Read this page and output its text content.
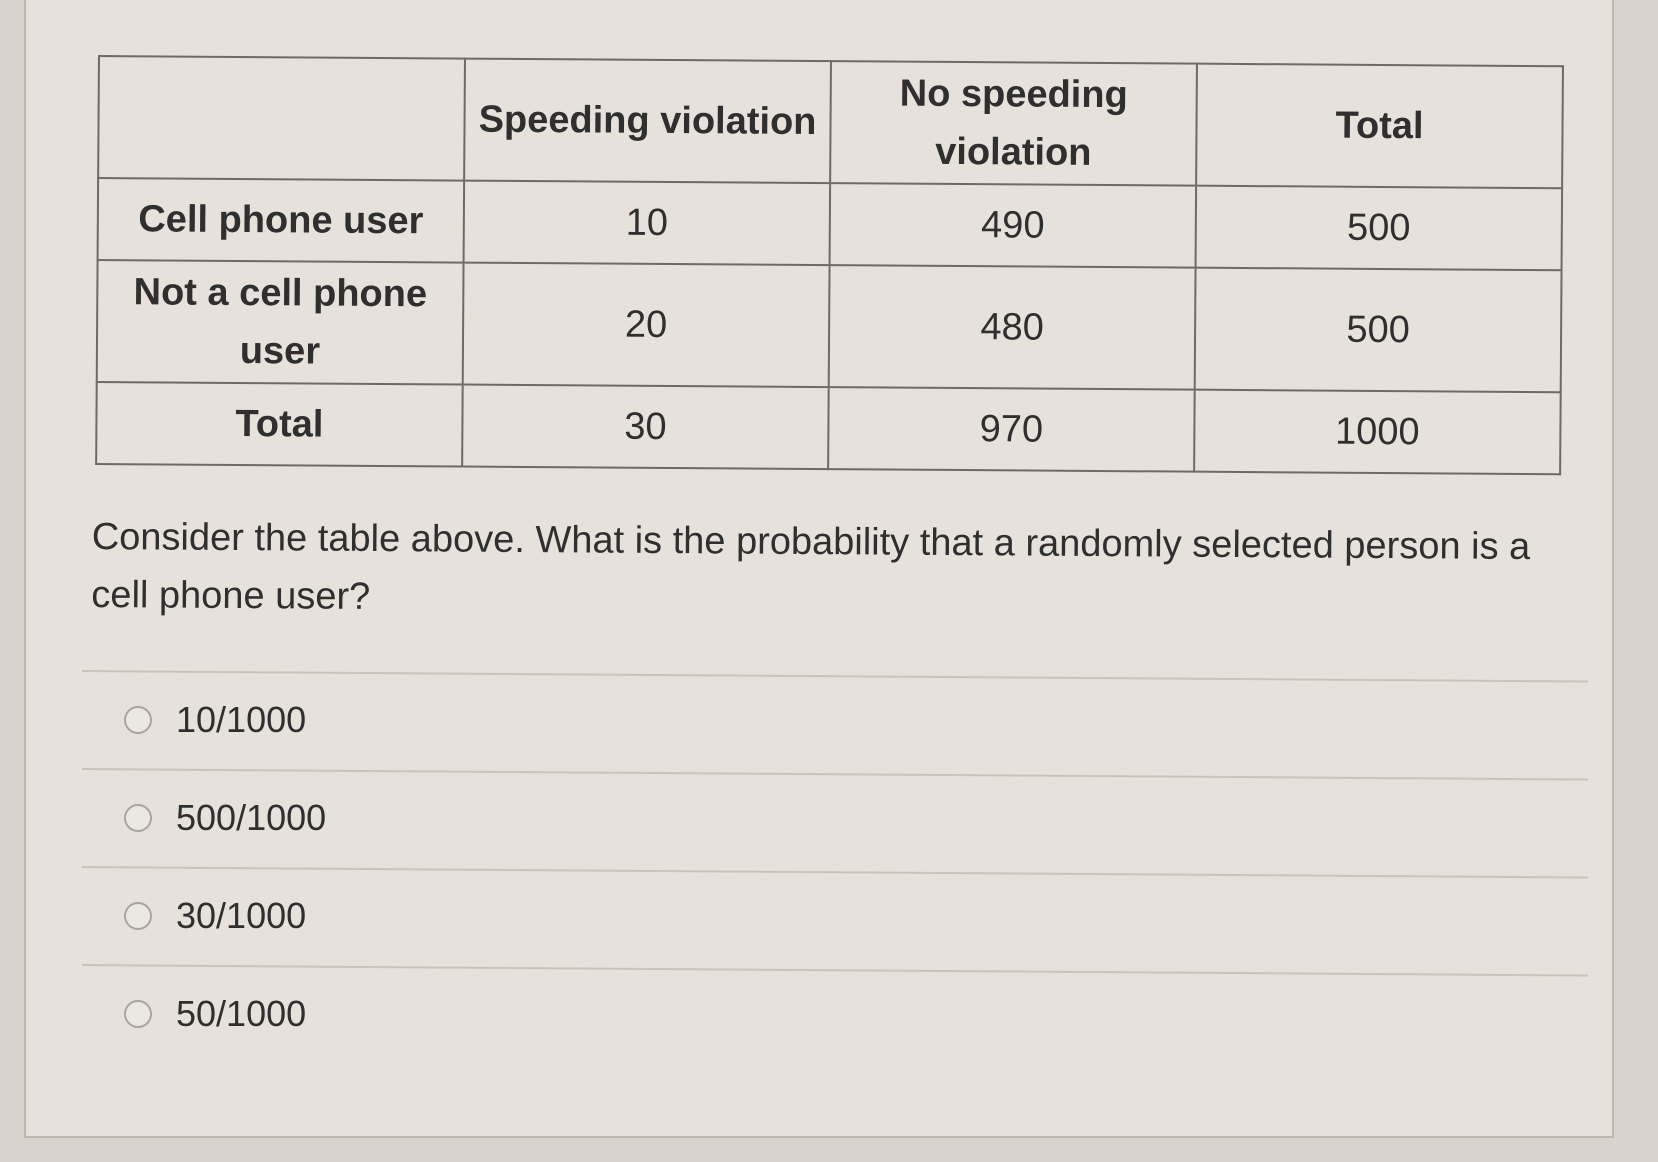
	Speeding violation	No speeding violation	Total
Cell phone user	10	490	500
Not a cell phone user	20	480	500
Total	30	970	1000
Consider the table above. What is the probability that a randomly selected person is a cell phone user?
10/1000
500/1000
30/1000
50/1000
